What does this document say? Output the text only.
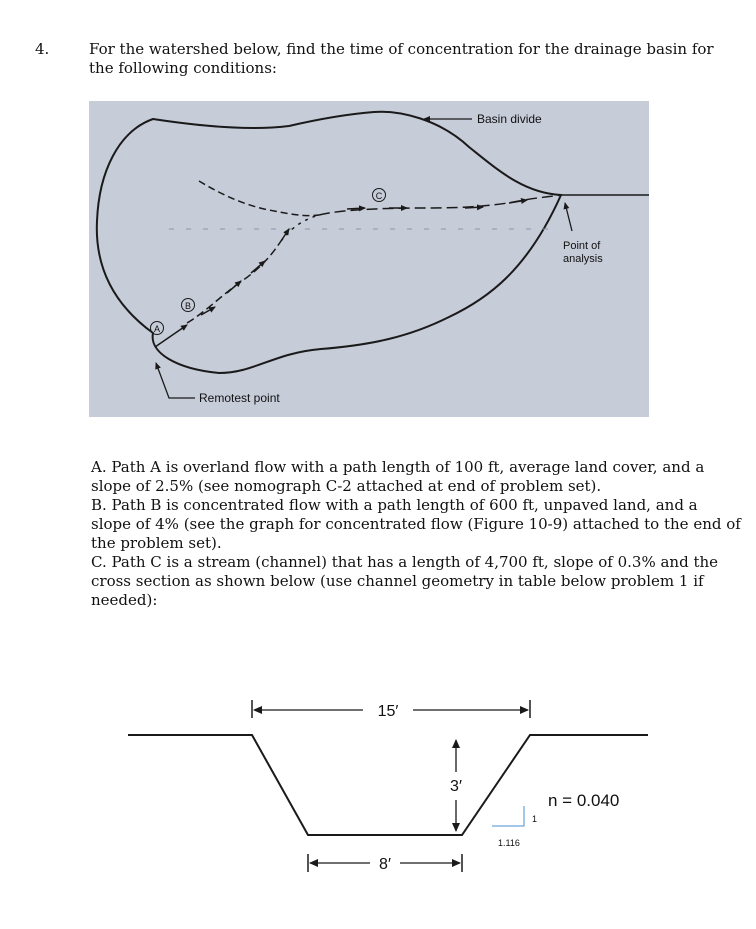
4.	For the watershed below, find the time of concentration for the drainage basin for the following conditions:
Basin divide
Point of
analysis
Remotest point
A
B
C

A. Path A is overland flow with a path length of 100 ft, average land cover, and a slope of 2.5% (see nomograph C-2 attached at end of problem set).

B. Path B is concentrated flow with a path length of 600 ft, unpaved land, and a slope of 4% (see the graph for concentrated flow (Figure 10-9) attached to the end of the problem set).

C. Path C is a stream (channel) that has a length of 4,700 ft, slope of 0.3% and the cross section as shown below (use channel geometry in table below problem 1 if needed):

15′
3′
8′
1
1.116
n = 0.040
